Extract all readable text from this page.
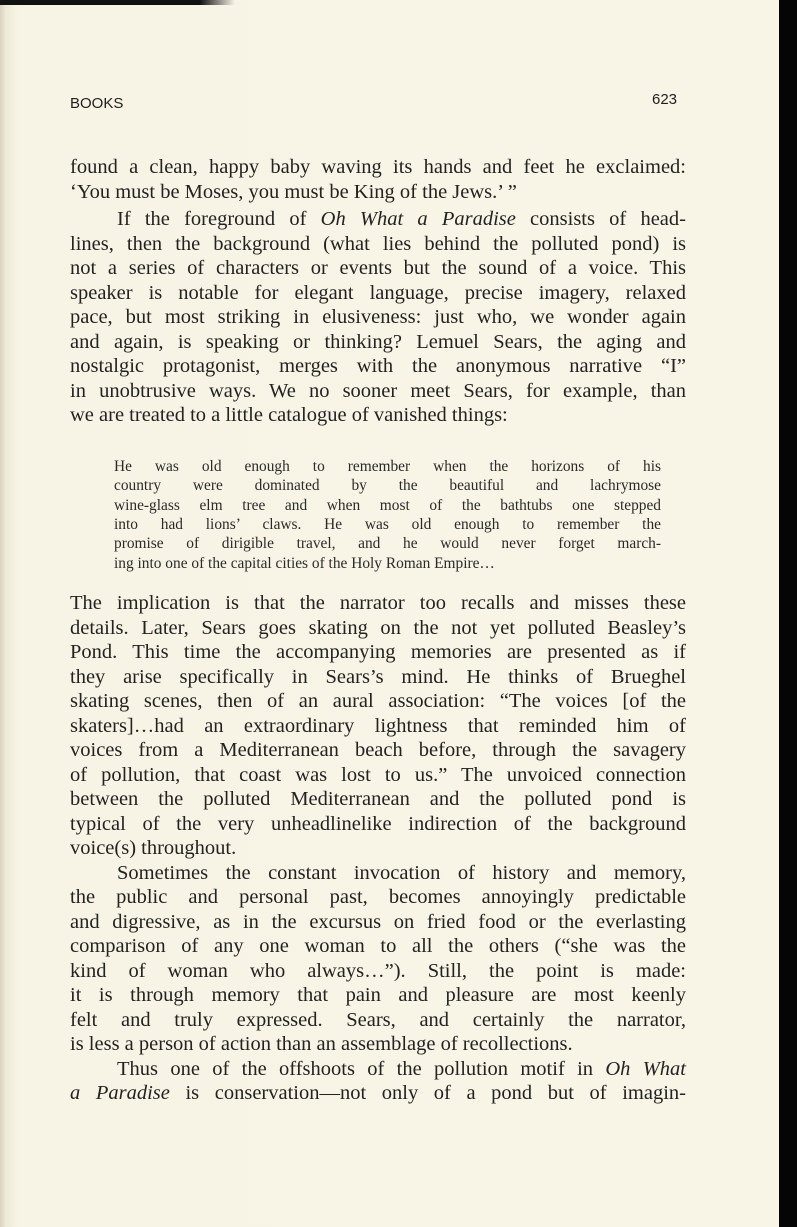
BOOKS	623
found a clean, happy baby waving its hands and feet he exclaimed:
‘You must be Moses, you must be King of the Jews.’ ”
If the foreground of Oh What a Paradise consists of head-
lines, then the background (what lies behind the polluted pond) is
not a series of characters or events but the sound of a voice. This
speaker is notable for elegant language, precise imagery, relaxed
pace, but most striking in elusiveness: just who, we wonder again
and again, is speaking or thinking? Lemuel Sears, the aging and
nostalgic protagonist, merges with the anonymous narrative “I”
in unobtrusive ways. We no sooner meet Sears, for example, than
we are treated to a little catalogue of vanished things:
He was old enough to remember when the horizons of his
country were dominated by the beautiful and lachrymose
wine-glass elm tree and when most of the bathtubs one stepped
into had lions’ claws. He was old enough to remember the
promise of dirigible travel, and he would never forget march-
ing into one of the capital cities of the Holy Roman Empire…
The implication is that the narrator too recalls and misses these
details. Later, Sears goes skating on the not yet polluted Beasley’s
Pond. This time the accompanying memories are presented as if
they arise specifically in Sears’s mind. He thinks of Brueghel
skating scenes, then of an aural association: “The voices [of the
skaters]…had an extraordinary lightness that reminded him of
voices from a Mediterranean beach before, through the savagery
of pollution, that coast was lost to us.” The unvoiced connection
between the polluted Mediterranean and the polluted pond is
typical of the very unheadlinelike indirection of the background
voice(s) throughout.
Sometimes the constant invocation of history and memory,
the public and personal past, becomes annoyingly predictable
and digressive, as in the excursus on fried food or the everlasting
comparison of any one woman to all the others (“she was the
kind of woman who always…”). Still, the point is made:
it is through memory that pain and pleasure are most keenly
felt and truly expressed. Sears, and certainly the narrator,
is less a person of action than an assemblage of recollections.
Thus one of the offshoots of the pollution motif in Oh What
a Paradise is conservation—not only of a pond but of imagin-
